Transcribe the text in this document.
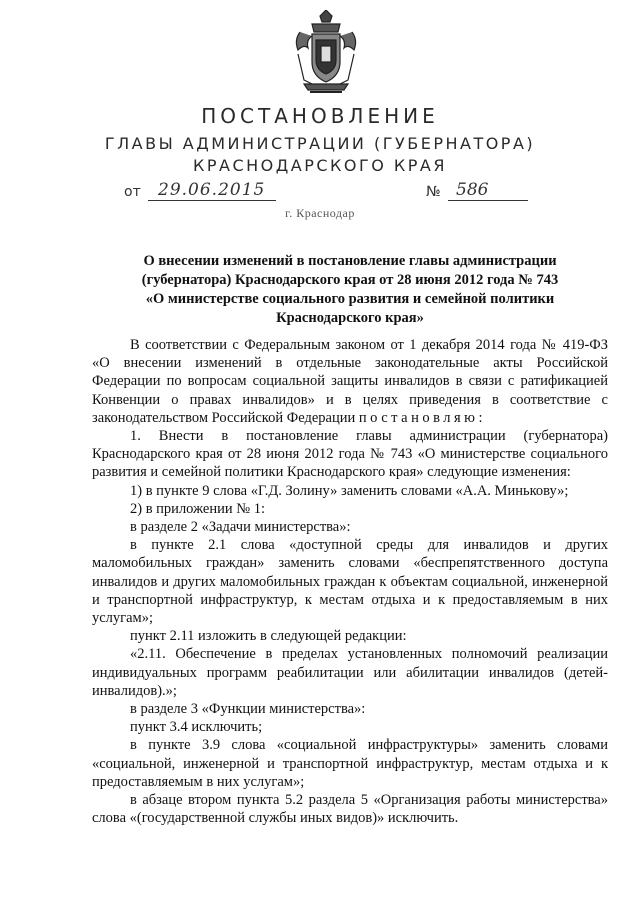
ПОСТАНОВЛЕНИЕ
ГЛАВЫ АДМИНИСТРАЦИИ (ГУБЕРНАТОРА)
КРАСНОДАРСКОГО КРАЯ
от 29.06.2015	№ 586
г. Краснодар
О внесении изменений в постановление главы администрации
(губернатора) Краснодарского края от 28 июня 2012 года № 743
«О министерстве социального развития и семейной политики
Краснодарского края»

В соответствии с Федеральным законом от 1 декабря 2014 года № 419-ФЗ «О внесении изменений в отдельные законодательные акты Российской Федерации по вопросам социальной защиты инвалидов в связи с ратификацией Конвенции о правах инвалидов» и в целях приведения в соответствие с законодательством Российской Федерации постановляю:

1. Внести в постановление главы администрации (губернатора) Краснодарского края от 28 июня 2012 года № 743 «О министерстве социального развития и семейной политики Краснодарского края» следующие изменения:

1) в пункте 9 слова «Г.Д. Золину» заменить словами «А.А. Минькову»;

2) в приложении № 1:

в разделе 2 «Задачи министерства»:

в пункте 2.1 слова «доступной среды для инвалидов и других маломобильных граждан» заменить словами «беспрепятственного доступа инвалидов и других маломобильных граждан к объектам социальной, инженерной и транспортной инфраструктур, к местам отдыха и к предоставляемым в них услугам»;

пункт 2.11 изложить в следующей редакции:

«2.11. Обеспечение в пределах установленных полномочий реализации индивидуальных программ реабилитации или абилитации инвалидов (детей-инвалидов).»;

в разделе 3 «Функции министерства»:

пункт 3.4 исключить;

в пункте 3.9 слова «социальной инфраструктуры» заменить словами «социальной, инженерной и транспортной инфраструктур, местам отдыха и к предоставляемым в них услугам»;

в абзаце втором пункта 5.2 раздела 5 «Организация работы министерства» слова «(государственной службы иных видов)» исключить.
